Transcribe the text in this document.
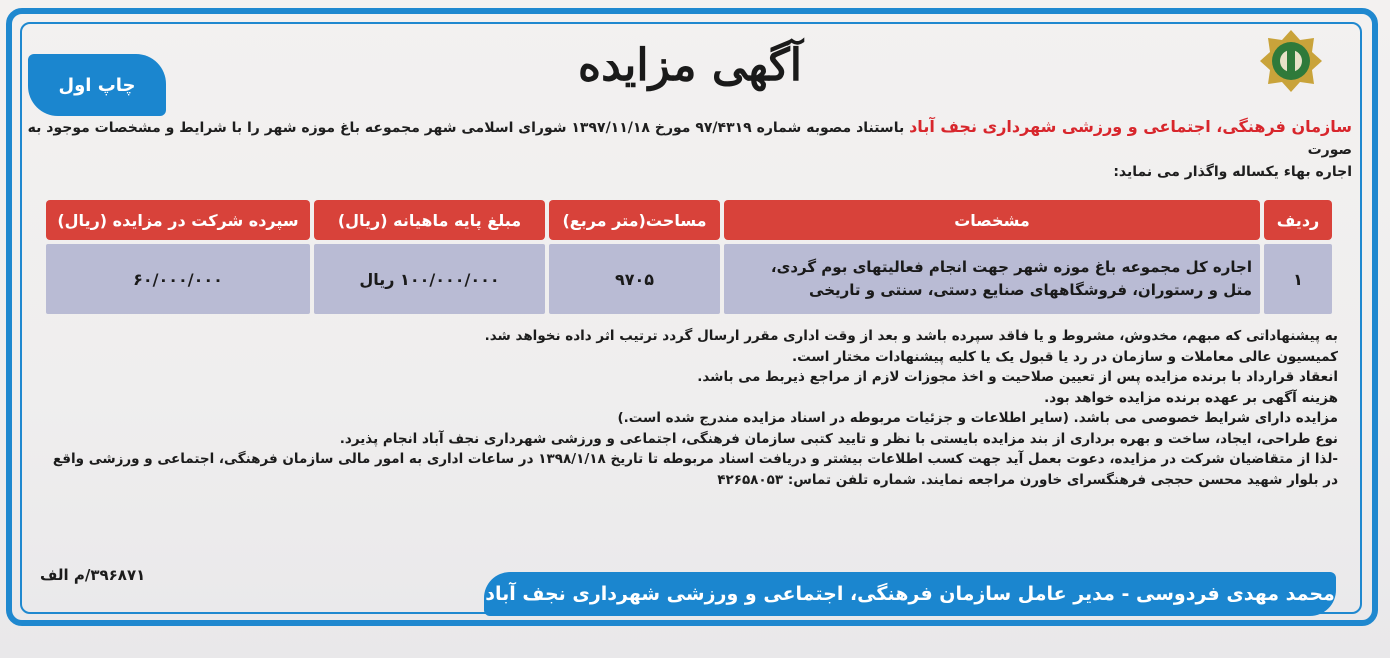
چاپ اول	آگهی مزایده
سازمان فرهنگی، اجتماعی و ورزشی شهرداری نجف آباد باستناد مصوبه شماره ۹۷/۴۳۱۹ مورخ ۱۳۹۷/۱۱/۱۸ شورای اسلامی شهر مجموعه باغ موزه شهر را با شرایط و مشخصات موجود به صورت
اجاره بهاء یکساله واگذار می نماید:
ردیف	مشخصات	مساحت(متر مربع)	مبلغ پایه ماهیانه (ریال)	سپرده شرکت در مزایده (ریال)
۱	اجاره کل مجموعه باغ موزه شهر جهت انجام فعالیتهای بوم گردی،
متل و رستوران، فروشگاههای صنایع دستی، سنتی و تاریخی	۹۷۰۵	۱۰۰/۰۰۰/۰۰۰ ریال	۶۰/۰۰۰/۰۰۰
به پیشنهاداتی که مبهم، مخدوش، مشروط و یا فاقد سپرده باشد و بعد از وقت اداری مقرر ارسال گردد ترتیب اثر داده نخواهد شد.
کمیسیون عالی معاملات و سازمان در رد یا قبول یک یا کلیه پیشنهادات مختار است.
انعقاد قرارداد با برنده مزایده پس از تعیین صلاحیت و اخذ مجوزات لازم از مراجع ذیربط می باشد.
هزینه آگهی بر عهده برنده مزایده خواهد بود.
مزایده دارای شرایط خصوصی می باشد. (سایر اطلاعات و جزئیات مربوطه در اسناد مزایده مندرج شده است.)
نوع طراحی، ایجاد، ساخت و بهره برداری از بند مزایده بایستی با نظر و تایید کتبی سازمان فرهنگی، اجتماعی و ورزشی شهرداری نجف آباد انجام پذیرد.
-لذا از متقاضیان شرکت در مزایده، دعوت بعمل آید جهت کسب اطلاعات بیشتر و دریافت اسناد مربوطه تا تاریخ ۱۳۹۸/۱/۱۸ در ساعات اداری به امور مالی سازمان فرهنگی، اجتماعی و ورزشی واقع
در بلوار شهید محسن حججی فرهنگسرای خاورن مراجعه نمایند. شماره تلفن تماس: ۴۲۶۵۸۰۵۳
۳۹۶۸۷۱/م الف
محمد مهدی فردوسی - مدیر عامل سازمان فرهنگی، اجتماعی و ورزشی شهرداری نجف آباد
